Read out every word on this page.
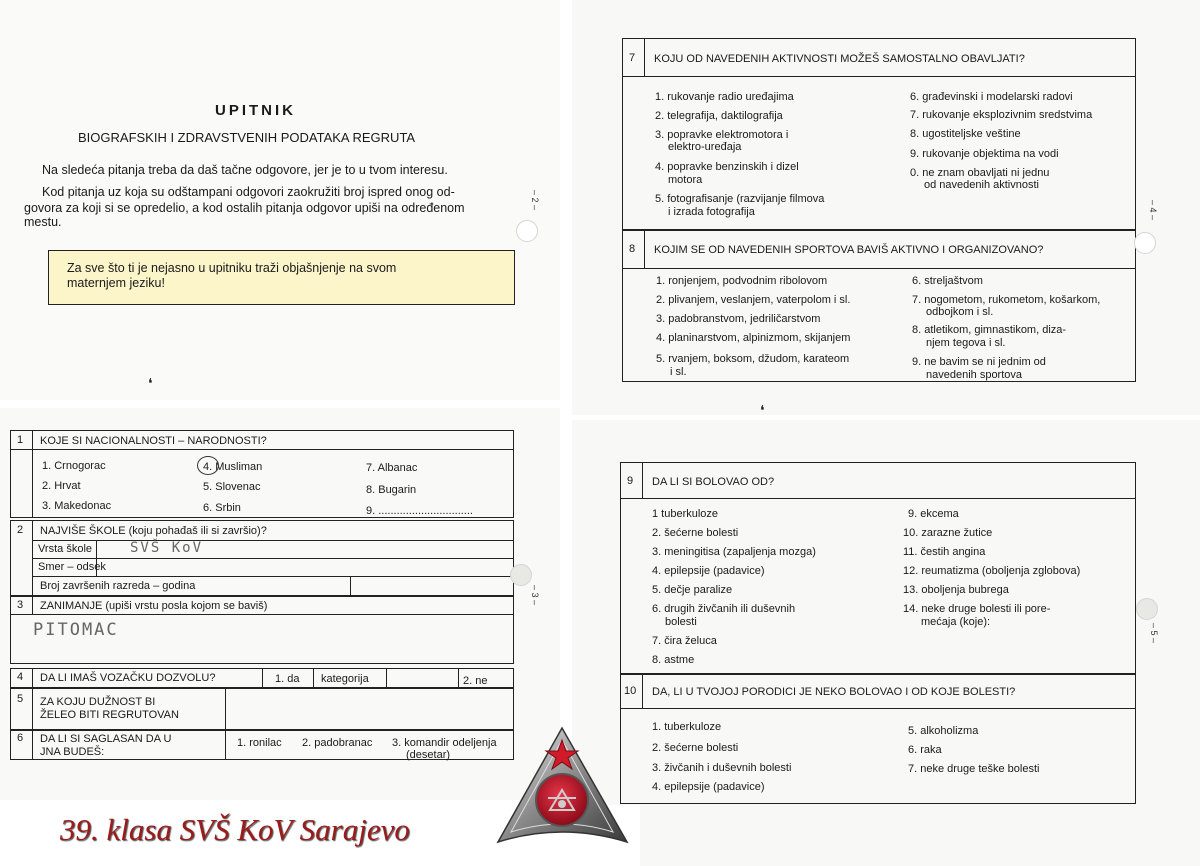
UPITNIK
BIOGRAFSKIH I ZDRAVSTVENIH PODATAKA REGRUTA
Na sledeća pitanja treba da daš tačne odgovore, jer je to u tvom interesu.
Kod pitanja uz koja su odštampani odgovori zaokružiti broj ispred onog od-
govora za koji si se opredelio, a kod ostalih pitanja odgovor upiši na određenom
mestu.
Za sve što ti je nejasno u upitniku traži objašnjenje na svom
maternjem jeziku!
– 2 –
❛
1 KOJE SI NACIONALNOSTI – NARODNOSTI?
1. Crnogorac
2. Hrvat
3. Makedonac
4. Musliman
5. Slovenac
6. Srbin
7. Albanac
8. Bugarin
9. ...............................
2 NAJVIŠE ŠKOLE (koju pohađaš ili si završio)?
Vrsta škole	SVŠ KoV
Smer – odsek
Broj završenih razreda – godina
3 ZANIMANJE (upiši vrstu posla kojom se baviš)
PITOMAC
4 DA LI IMAŠ VOZAČKU DOZVOLU?	1. da kategorija	2. ne
5 ZA KOJU DUŽNOST BI
ŽELEO BITI REGRUTOVAN
6 DA LI SI SAGLASAN DA U
JNA BUDEŠ:
1. ronilac 2. padobranac 3. komandir odeljenja
(desetar)
– 3 –
7 KOJU OD NAVEDENIH AKTIVNOSTI MOŽEŠ SAMOSTALNO OBAVLJATI?
1. rukovanje radio uređajima
2. telegrafija, daktilografija
3. popravke elektromotora i
elektro-uređaja
4. popravke benzinskih i dizel
motora
5. fotografisanje (razvijanje filmova
i izrada fotografija
6. građevinski i modelarski radovi
7. rukovanje eksplozivnim sredstvima
8. ugostiteljske veštine
9. rukovanje objektima na vodi
0. ne znam obavljati ni jednu
od navedenih aktivnosti
8 KOJIM SE OD NAVEDENIH SPORTOVA BAVIŠ AKTIVNO I ORGANIZOVANO?
1. ronjenjem, podvodnim ribolovom
2. plivanjem, veslanjem, vaterpolom i sl.
3. padobranstvom, jedriličarstvom
4. planinarstvom, alpinizmom, skijanjem
5. rvanjem, boksom, džudom, karateom
i sl.
6. streljaštvom
7. nogometom, rukometom, košarkom,
odbojkom i sl.
8. atletikom, gimnastikom, diza-
njem tegova i sl.
9. ne bavim se ni jednim od
navedenih sportova
– 4 –
❛
9 DA LI SI BOLOVAO OD?
1 tuberkuloze
2. šećerne bolesti
3. meningitisa (zapaljenja mozga)
4. epilepsije (padavice)
5. dečje paralize
6. drugih živčanih ili duševnih
bolesti
7. čira želuca
8. astme
9. ekcema
10. zarazne žutice
11. čestih angina
12. reumatizma (oboljenja zglobova)
13. oboljenja bubrega
14. neke druge bolesti ili pore-
mećaja (koje):
10 DA, LI U TVOJOJ PORODICI JE NEKO BOLOVAO I OD KOJE BOLESTI?
1. tuberkuloze
2. šećerne bolesti
3. živčanih i duševnih bolesti
4. epilepsije (padavice)
5. alkoholizma
6. raka
7. neke druge teške bolesti
– 5 –
39. klasa SVŠ KoV Sarajevo
